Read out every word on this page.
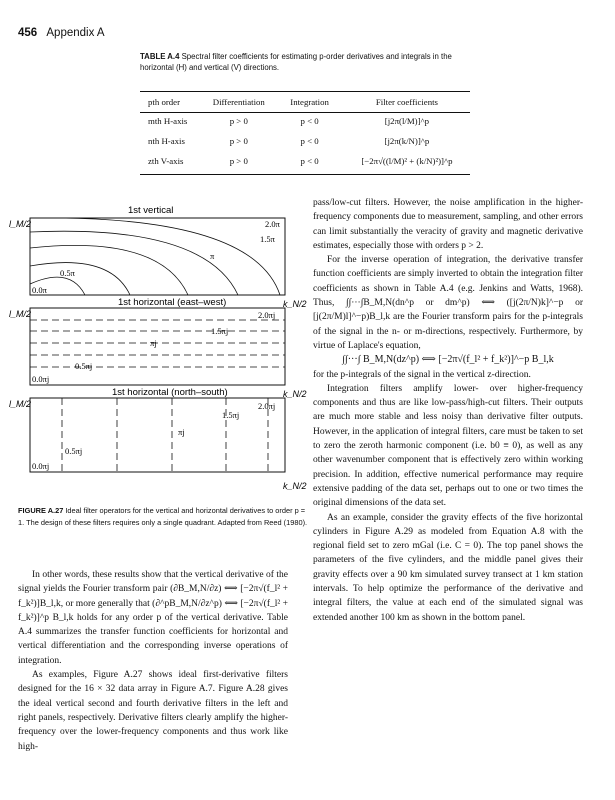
456 Appendix A
TABLE A.4 Spectral filter coefficients for estimating p-order derivatives and integrals in the horizontal (H) and vertical (V) directions.
pth order	Differentiation	Integration	Filter coefficients
mth H-axis	p > 0	p < 0	[j2π(l/M)]^p
nth H-axis	p > 0	p < 0	[j2π(k/N)]^p
zth V-axis	p > 0	p < 0	[−2π√((l/M)² + (k/N)²)]^p
1st vertical
l_M/2	2.0π
1.5π
π
0.5π
0.0π
1st horizontal (east–west)	k_N/2
l_M/2	2.0πj
1.5πj
πj
0.5πj
0.0πj
1st horizontal (north–south)	k_N/2
l_M/2	2.0πj
1.5πj
πj
0.5πj
0.0πj
k_N/2
FIGURE A.27 Ideal filter operators for the vertical and horizontal derivatives to order p = 1. The design of these filters requires only a single quadrant. Adapted from Reed (1980).

In other words, these results show that the vertical derivative of the signal yields the Fourier transform pair (∂B_M,N/∂z) ⟺ [−2π√(f_l² + f_k²)]B_l,k, or more generally that (∂^pB_M,N/∂z^p) ⟺ [−2π√(f_l² + f_k²)]^p B_l,k holds for any order p of the vertical derivative. Table A.4 summarizes the transfer function coefficients for horizontal and vertical differentiation and the corresponding inverse operations of integration.

As examples, Figure A.27 shows ideal first-derivative filters designed for the 16 × 32 data array in Figure A.7. Figure A.28 gives the ideal vertical second and fourth derivative filters in the left and right panels, respectively. Derivative filters clearly amplify the higher-frequency over the lower-frequency components and thus work like high-

pass/low-cut filters. However, the noise amplification in the higher-frequency components due to measurement, sampling, and other errors can limit substantially the veracity of gravity and magnetic derivative estimates, especially those with orders p > 2.

For the inverse operation of integration, the derivative transfer function coefficients are simply inverted to obtain the integration filter coefficients as shown in Table A.4 (e.g. Jenkins and Watts, 1968). Thus, ∫∫···∫B_M,N(dn^p or dm^p) ⟺ ([j(2π/N)k]^−p or [j(2π/M)l]^−p)B_l,k are the Fourier transform pairs for the p-integrals of the signal in the n- or m-directions, respectively. Furthermore, by virtue of Laplace's equation,

∫∫···∫ B_M,N(dz^p) ⟺ [−2π√(f_l² + f_k²)]^−p B_l,k

for the p-integrals of the signal in the vertical z-direction.

Integration filters amplify lower- over higher-frequency components and thus are like low-pass/high-cut filters. Their outputs are much more stable and less noisy than derivative filter outputs. However, in the application of integral filters, care must be taken to set to zero the zeroth harmonic component (i.e. b0 ≡ 0), as well as any other wavenumber component that is effectively zero within working precision. In addition, effective numerical performance may require extensive padding of the data set, perhaps out to one or two times the original dimensions of the data set.

As an example, consider the gravity effects of the five horizontal cylinders in Figure A.29 as modeled from Equation A.8 with the regional field set to zero mGal (i.e. C = 0). The top panel shows the parameters of the five cylinders, and the middle panel gives their gravity effects over a 90 km simulated survey transect at 1 km station intervals. To help optimize the performance of the derivative and integral filters, the value at each end of the simulated signal was extended another 100 km as shown in the bottom panel.
